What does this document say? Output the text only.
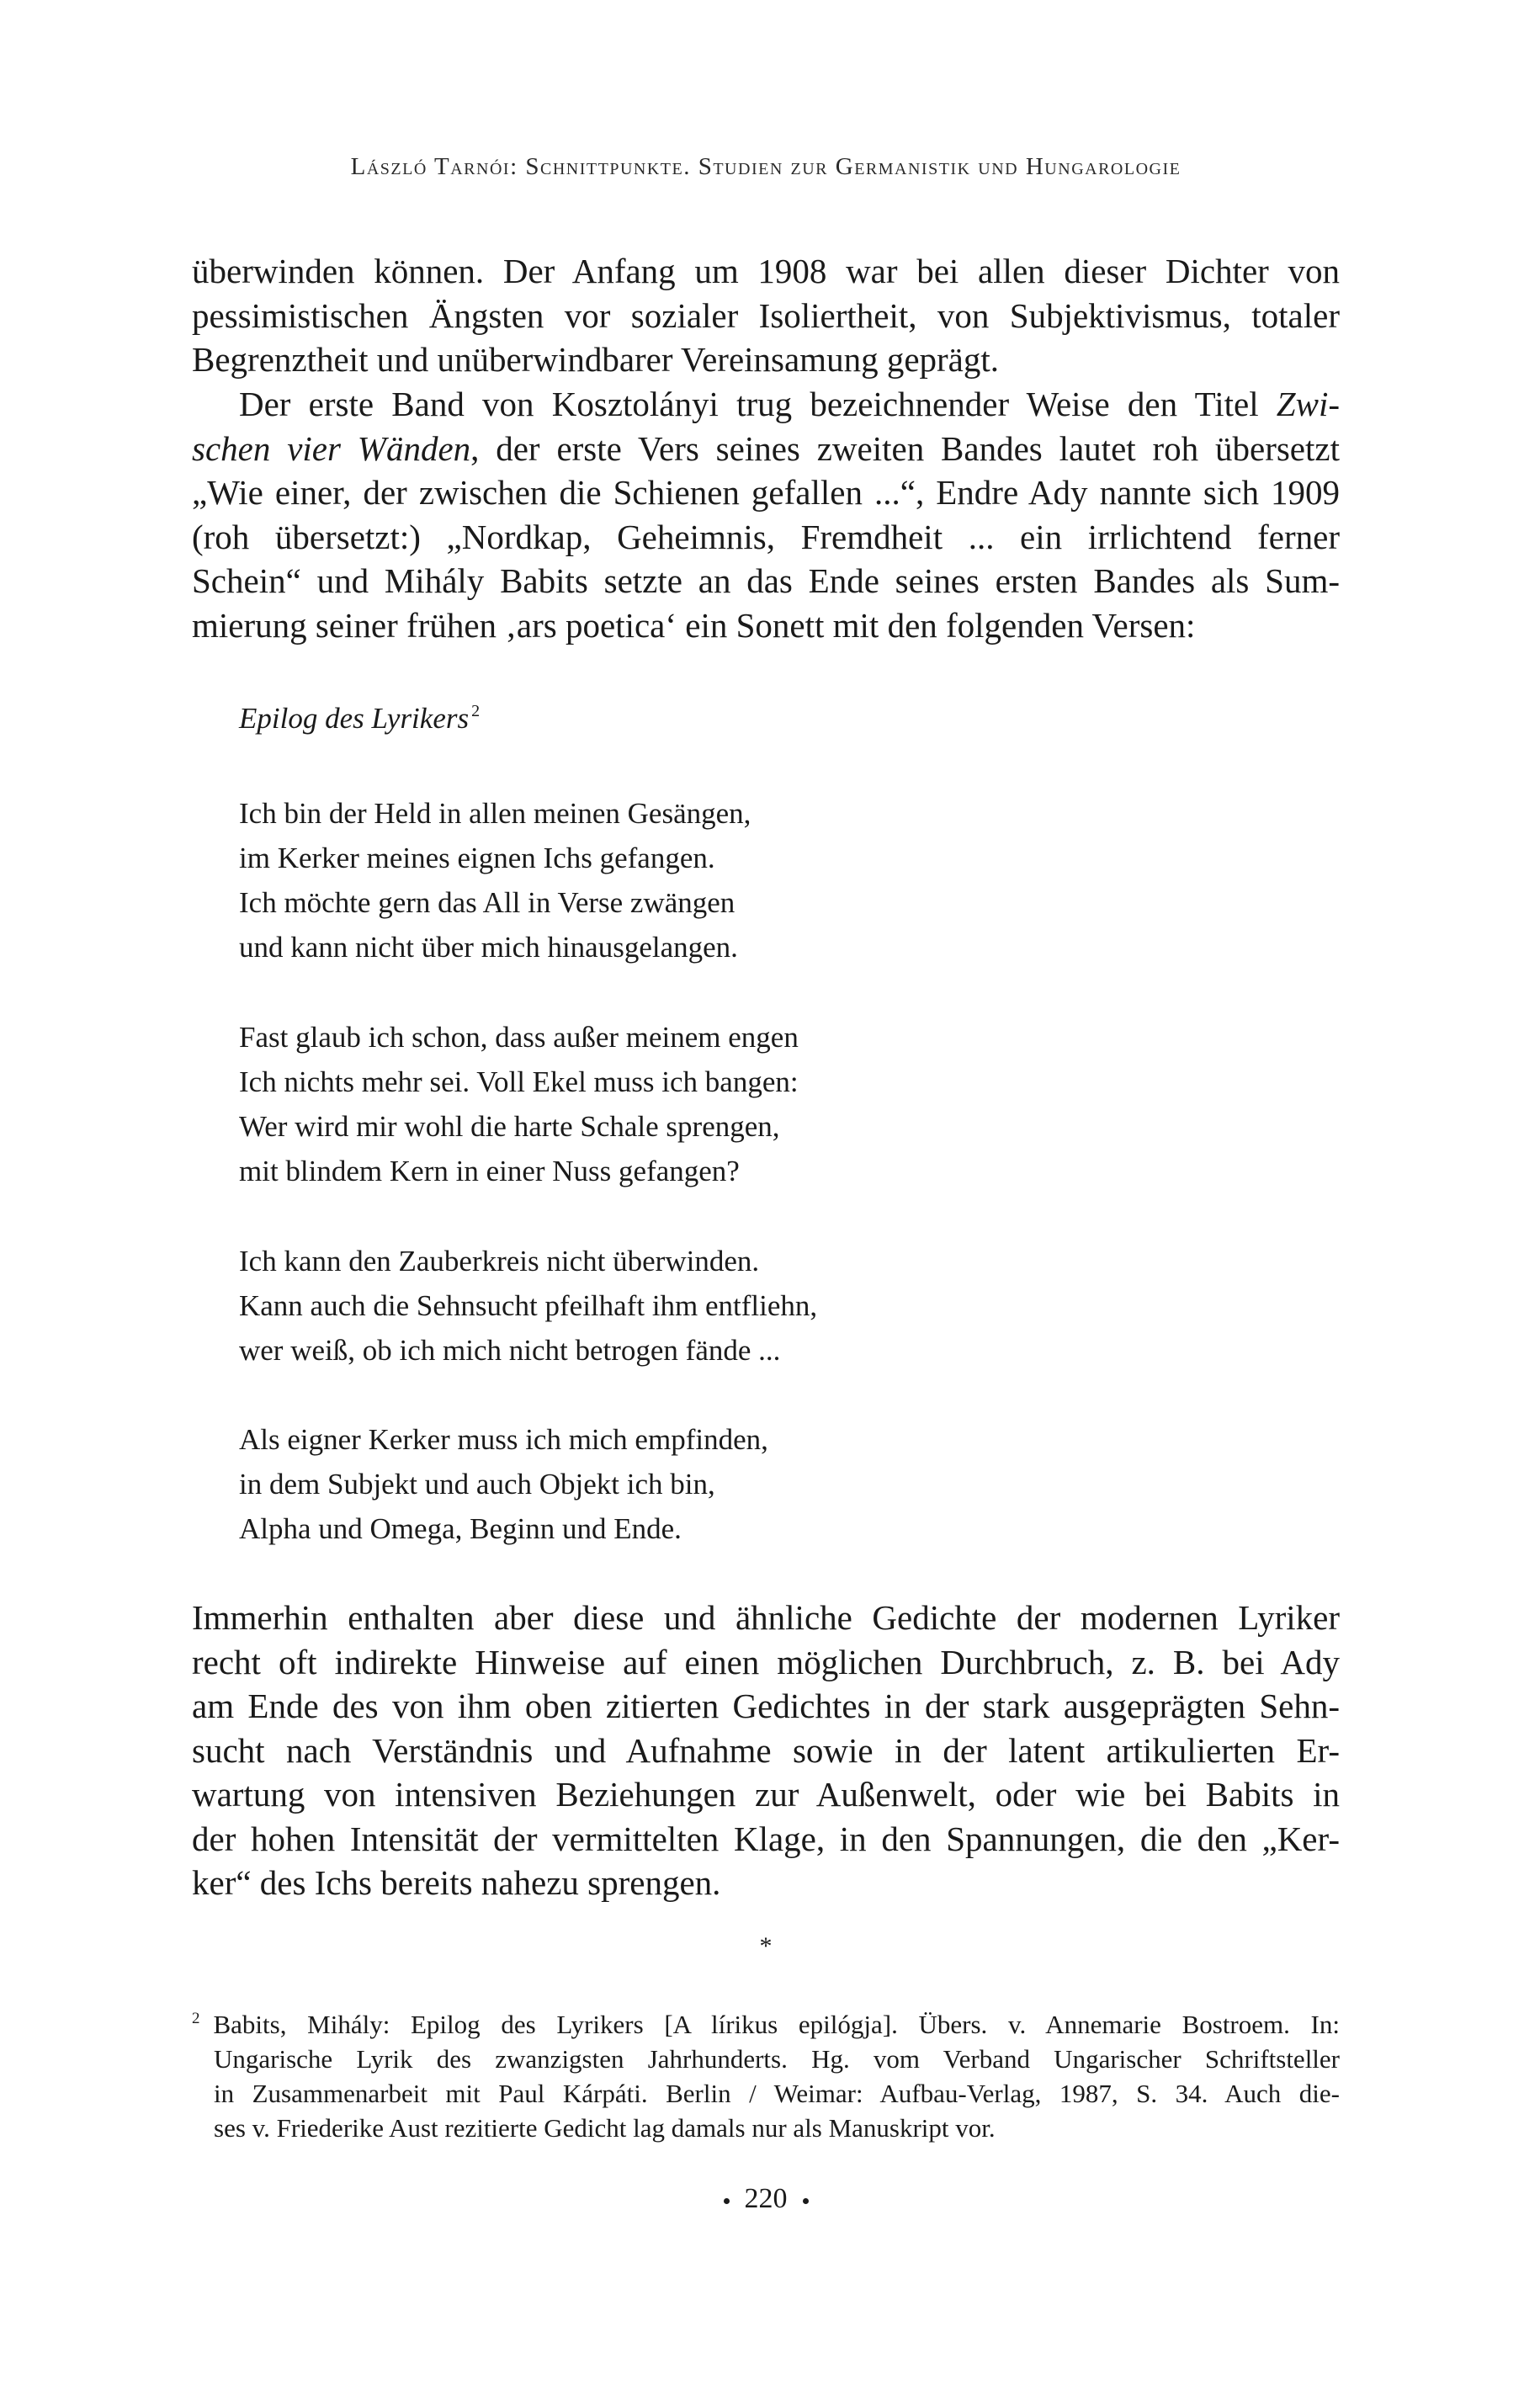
László Tarnói: Schnittpunkte. Studien zur Germanistik und Hungarologie
überwinden können. Der Anfang um 1908 war bei allen dieser Dichter von
pessimistischen Ängsten vor sozialer Isoliertheit, von Subjektivismus, totaler
Begrenztheit und unüberwindbarer Vereinsamung geprägt.
Der erste Band von Kosztolányi trug bezeichnender Weise den Titel Zwi-
schen vier Wänden, der erste Vers seines zweiten Bandes lautet roh übersetzt
„Wie einer, der zwischen die Schienen gefallen ...“, Endre Ady nannte sich 1909
(roh übersetzt:) „Nordkap, Geheimnis, Fremdheit ... ein irrlichtend ferner
Schein“ und Mihály Babits setzte an das Ende seines ersten Bandes als Sum-
mierung seiner frühen ‚ars poetica‘ ein Sonett mit den folgenden Versen:
Epilog des Lyrikers $^2$
Ich bin der Held in allen meinen Gesängen,
im Kerker meines eignen Ichs gefangen.
Ich möchte gern das All in Verse zwängen
und kann nicht über mich hinausgelangen.
Fast glaub ich schon, dass außer meinem engen
Ich nichts mehr sei. Voll Ekel muss ich bangen:
Wer wird mir wohl die harte Schale sprengen,
mit blindem Kern in einer Nuss gefangen?
Ich kann den Zauberkreis nicht überwinden.
Kann auch die Sehnsucht pfeilhaft ihm entfliehn,
wer weiß, ob ich mich nicht betrogen fände ...
Als eigner Kerker muss ich mich empfinden,
in dem Subjekt und auch Objekt ich bin,
Alpha und Omega, Beginn und Ende.
Immerhin enthalten aber diese und ähnliche Gedichte der modernen Lyriker
recht oft indirekte Hinweise auf einen möglichen Durchbruch, z. B. bei Ady
am Ende des von ihm oben zitierten Gedichtes in der stark ausgeprägten Sehn-
sucht nach Verständnis und Aufnahme sowie in der latent artikulierten Er-
wartung von intensiven Beziehungen zur Außenwelt, oder wie bei Babits in
der hohen Intensität der vermittelten Klage, in den Spannungen, die den „Ker-
ker“ des Ichs bereits nahezu sprengen.
*
$^2$ Babits, Mihály: Epilog des Lyrikers [A lírikus epilógja]. Übers. v. Annemarie Bostroem. In:
Ungarische Lyrik des zwanzigsten Jahrhunderts. Hg. vom Verband Ungarischer Schriftsteller
in Zusammenarbeit mit Paul Kárpáti. Berlin / Weimar: Aufbau-Verlag, 1987, S. 34. Auch die-
ses v. Friederike Aust rezitierte Gedicht lag damals nur als Manuskript vor.
220
